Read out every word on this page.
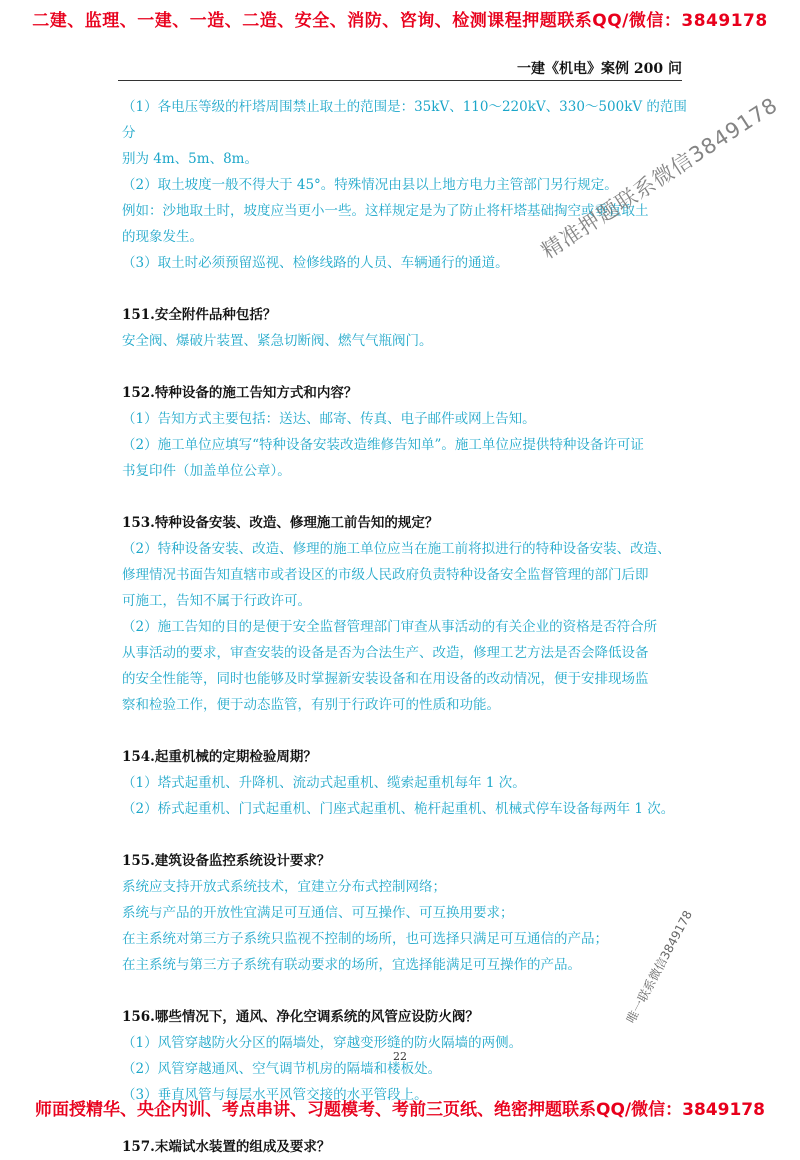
二建、监理、一建、一造、二造、安全、消防、咨询、检测课程押题联系QQ/微信：3849178
一建《机电》案例 200 问
（1）各电压等级的杆塔周围禁止取土的范围是：35kV、110～220kV、330～500kV 的范围分
别为 4m、5m、8m。
（2）取土坡度一般不得大于 45°。特殊情况由县以上地方电力主管部门另行规定。
例如：沙地取土时，坡度应当更小一些。这样规定是为了防止将杆塔基础掏空或垂直取土
的现象发生。
（3）取土时必须预留巡视、检修线路的人员、车辆通行的通道。
151.安全附件品种包括？
安全阀、爆破片装置、紧急切断阀、燃气气瓶阀门。
152.特种设备的施工告知方式和内容？
（1）告知方式主要包括：送达、邮寄、传真、电子邮件或网上告知。
（2）施工单位应填写“特种设备安装改造维修告知单”。施工单位应提供特种设备许可证
书复印件（加盖单位公章）。
153.特种设备安装、改造、修理施工前告知的规定？
（2）特种设备安装、改造、修理的施工单位应当在施工前将拟进行的特种设备安装、改造、
修理情况书面告知直辖市或者设区的市级人民政府负责特种设备安全监督管理的部门后即
可施工，告知不属于行政许可。
（2）施工告知的目的是便于安全监督管理部门审查从事活动的有关企业的资格是否符合所
从事活动的要求，审查安装的设备是否为合法生产、改造，修理工艺方法是否会降低设备
的安全性能等，同时也能够及时掌握新安装设备和在用设备的改动情况，便于安排现场监
察和检验工作，便于动态监管，有别于行政许可的性质和功能。
154.起重机械的定期检验周期？
（1）塔式起重机、升降机、流动式起重机、缆索起重机每年 1 次。
（2）桥式起重机、门式起重机、门座式起重机、桅杆起重机、机械式停车设备每两年 1 次。
155.建筑设备监控系统设计要求？
系统应支持开放式系统技术，宜建立分布式控制网络；
系统与产品的开放性宜满足可互通信、可互操作、可互换用要求；
在主系统对第三方子系统只监视不控制的场所，也可选择只满足可互通信的产品；
在主系统与第三方子系统有联动要求的场所，宜选择能满足可互操作的产品。
156.哪些情况下，通风、净化空调系统的风管应设防火阀？
（1）风管穿越防火分区的隔墙处，穿越变形缝的防火隔墙的两侧。
（2）风管穿越通风、空气调节机房的隔墙和楼板处。
（3）垂直风管与每层水平风管交接的水平管段上。
157.末端试水装置的组成及要求？
精准押题联系微信3849178
唯一联系微信3849178
22
师面授精华、央企内训、考点串讲、习题模考、考前三页纸、绝密押题联系QQ/微信：3849178
